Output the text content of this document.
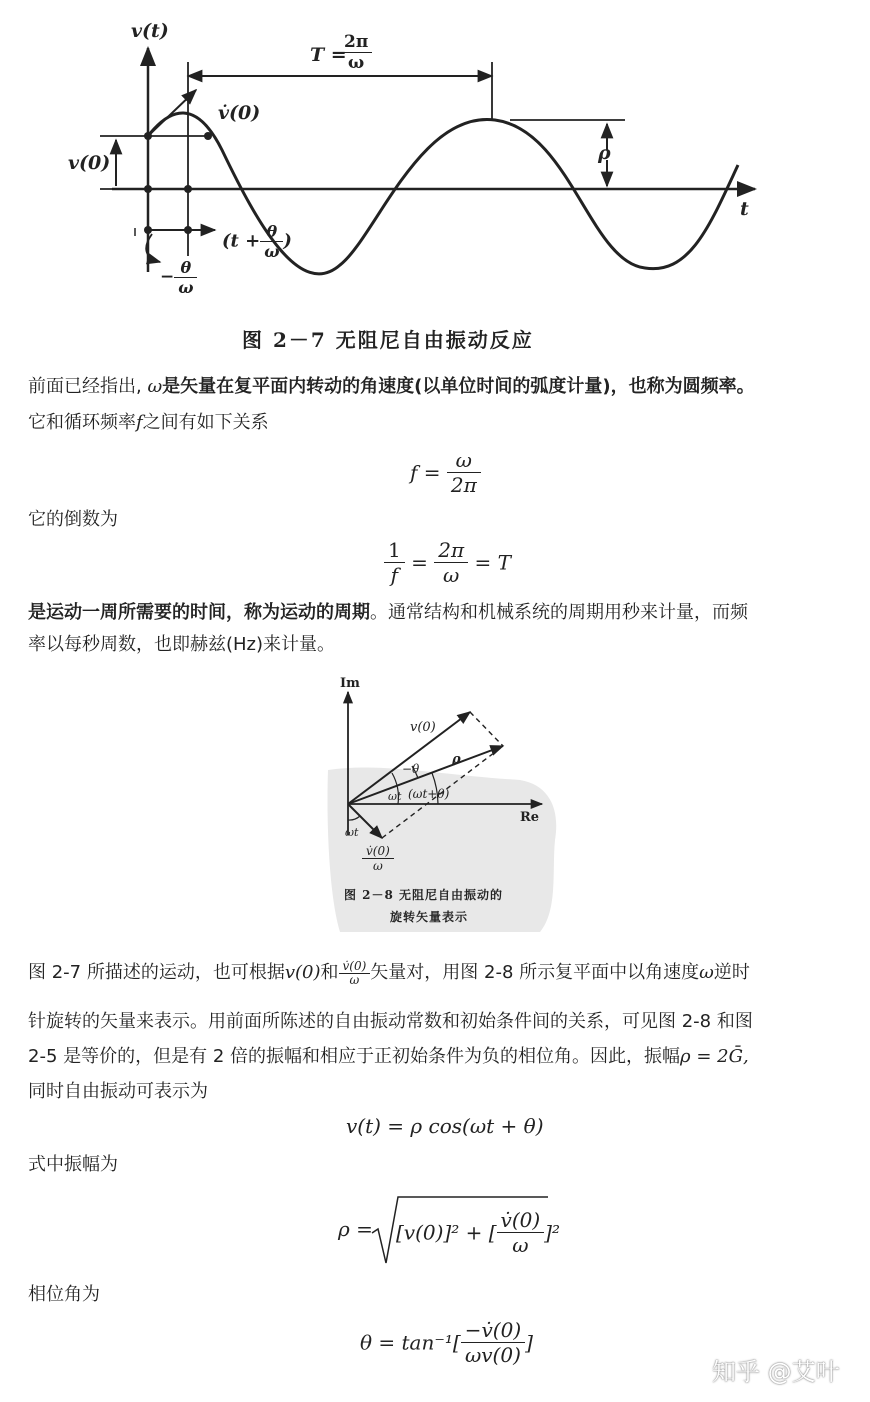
v(t)
T =
$\frac{2\pi}{\omega}$
v̇(0)
v(0)	ρ
t
($t + \frac{\theta}{\omega}$ )
− $\frac{\theta}{\omega}$
图 2－7 无阻尼自由振动反应
前面已经指出, ω是矢量在复平面内转动的角速度(以单位时间的弧度计量)，也称为圆频率。
它和循环频率f之间有如下关系
$f = \frac{\omega}{2\pi}$
它的倒数为
$\frac{1}{f} = \frac{2\pi}{\omega} = T$
是运动一周所需要的时间，称为运动的周期。通常结构和机械系统的周期用秒来计量，而频
率以每秒周数，也即赫兹(Hz)来计量。
Im
Re
v(0)
ρ
−θ
ωt (ωt+θ)
ωt
$\frac{v̇(0)}{\omega}$
图 2－8 无阻尼自由振动的
旋转矢量表示
图 2-7 所描述的运动，也可根据v(0)和 $\frac{v̇(0)}{\omega}$ 矢量对，用图 2-8 所示复平面中以角速度ω逆时
针旋转的矢量来表示。用前面所陈述的自由振动常数和初始条件间的关系，可见图 2-8 和图
2-5 是等价的，但是有 2 倍的振幅和相应于正初始条件为负的相位角。因此，振幅ρ = 2Ḡ,
同时自由振动可表示为
v(t) = ρ cos(ωt + θ)
式中振幅为
ρ = [v(0)]² + [ $\frac{v̇(0)}{\omega} ]^2$
相位角为
$\theta = \tan^{-1}[ \frac{-v̇(0)}{\omega v(0)}$ ]
知乎 @艾叶
